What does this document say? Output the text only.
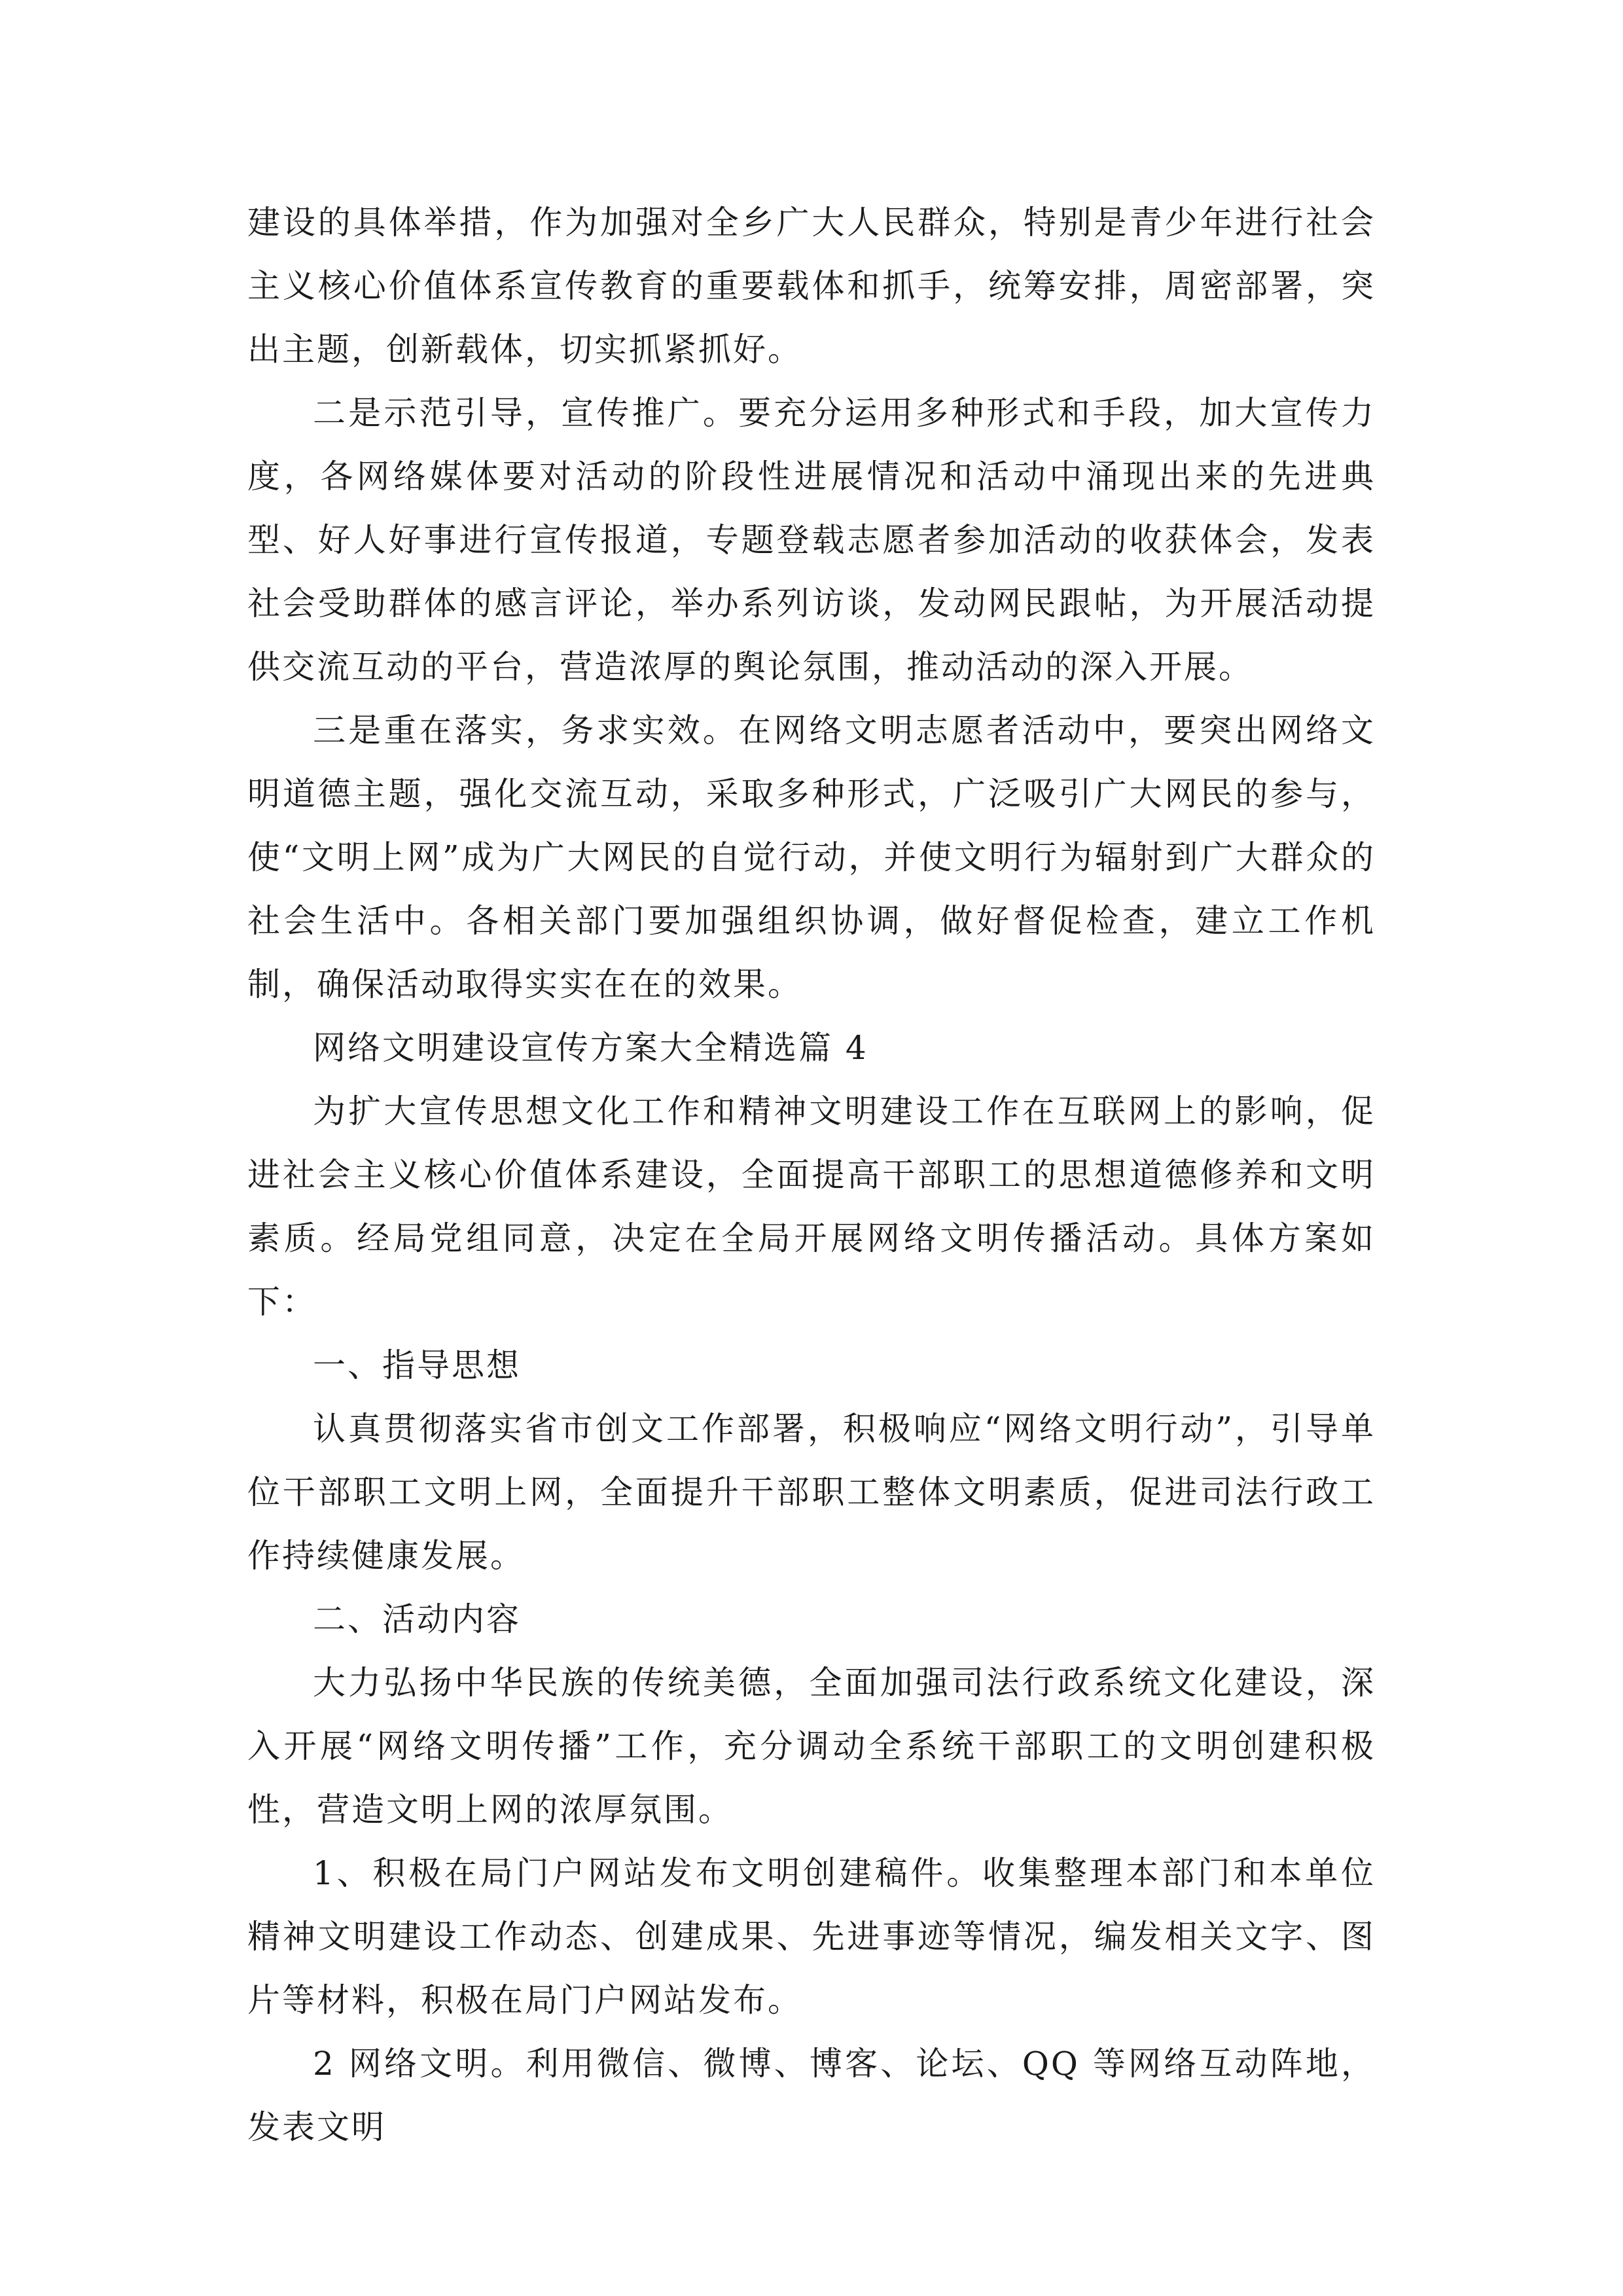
建设的具体举措，作为加强对全乡广大人民群众，特别是青少年进行社会主义核心价值体系宣传教育的重要载体和抓手，统筹安排，周密部署，突出主题，创新载体，切实抓紧抓好。

二是示范引导，宣传推广。要充分运用多种形式和手段，加大宣传力度，各网络媒体要对活动的阶段性进展情况和活动中涌现出来的先进典型、好人好事进行宣传报道，专题登载志愿者参加活动的收获体会，发表社会受助群体的感言评论，举办系列访谈，发动网民跟帖，为开展活动提供交流互动的平台，营造浓厚的舆论氛围，推动活动的深入开展。

三是重在落实，务求实效。在网络文明志愿者活动中，要突出网络文明道德主题，强化交流互动，采取多种形式，广泛吸引广大网民的参与，使“文明上网”成为广大网民的自觉行动，并使文明行为辐射到广大群众的社会生活中。各相关部门要加强组织协调，做好督促检查，建立工作机制，确保活动取得实实在在的效果。

网络文明建设宣传方案大全精选篇 4

为扩大宣传思想文化工作和精神文明建设工作在互联网上的影响，促进社会主义核心价值体系建设，全面提高干部职工的思想道德修养和文明素质。经局党组同意，决定在全局开展网络文明传播活动。具体方案如下：

一、指导思想

认真贯彻落实省市创文工作部署，积极响应“网络文明行动”，引导单位干部职工文明上网，全面提升干部职工整体文明素质，促进司法行政工作持续健康发展。

二、活动内容

大力弘扬中华民族的传统美德，全面加强司法行政系统文化建设，深入开展“网络文明传播”工作，充分调动全系统干部职工的文明创建积极性，营造文明上网的浓厚氛围。

1、积极在局门户网站发布文明创建稿件。收集整理本部门和本单位精神文明建设工作动态、创建成果、先进事迹等情况，编发相关文字、图片等材料，积极在局门户网站发布。

2 网络文明。利用微信、微博、博客、论坛、QQ 等网络互动阵地，发表文明
